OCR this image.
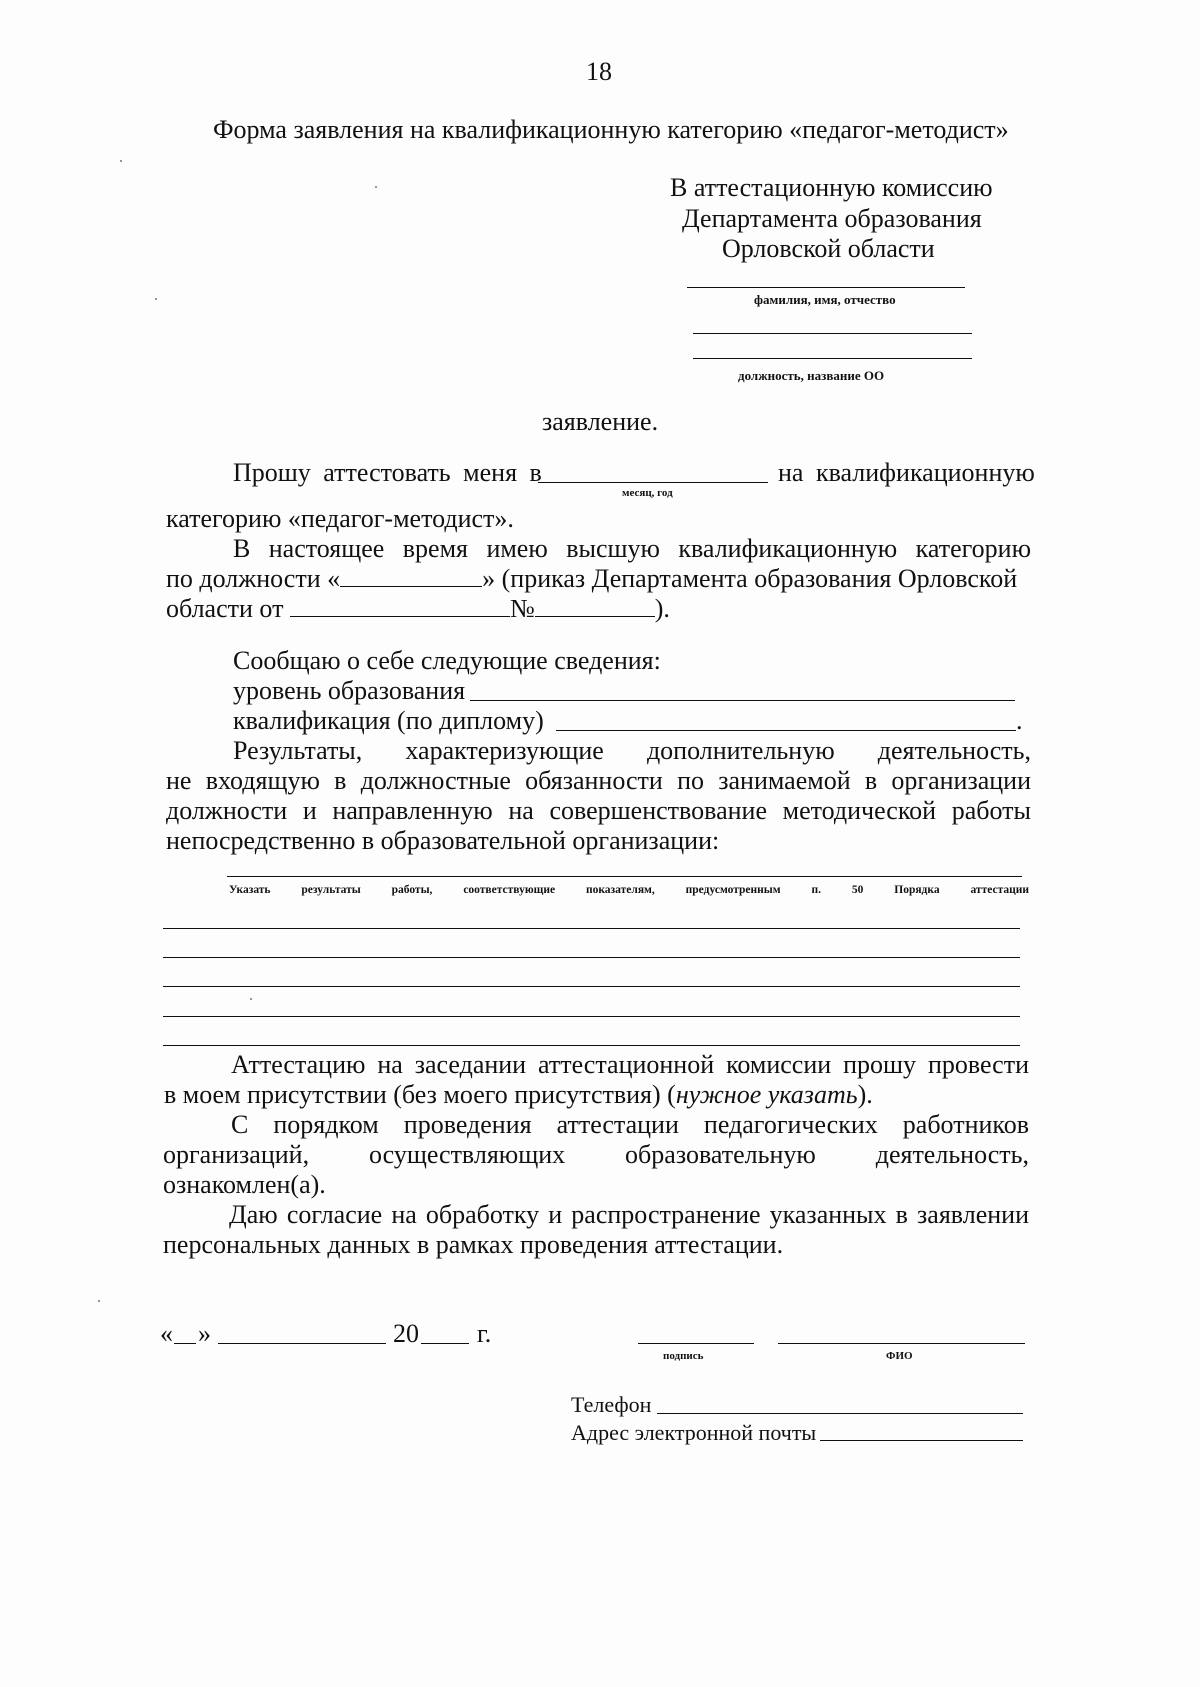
18
Форма заявления на квалификационную категорию «педагог-методист»
В аттестационную комиссию
Департамента образования
Орловской области
фамилия, имя, отчество
должность, название ОО
заявление.
Прошу аттестовать меня в
месяц, год
на квалификационную
категорию «педагог-методист».
В настоящее время имею высшую квалификационную категорию
по должности «	» (приказ Департамента образования Орловской
области от	№	).
Сообщаю о себе следующие сведения:
уровень образования
квалификация (по диплому)	.
Результаты, характеризующие дополнительную деятельность,
не входящую в должностные обязанности по занимаемой в организации
должности и направленную на совершенствование методической работы
непосредственно в образовательной организации:
Указать результаты работы, соответствующие показателям, предусмотренным п. 50 Порядка аттестации
Аттестацию на заседании аттестационной комиссии прошу провести
в моем присутствии (без моего присутствия) (нужное указать).
С порядком проведения аттестации педагогических работников
организаций, осуществляющих образовательную деятельность,
ознакомлен(а).
Даю согласие на обработку и распространение указанных в заявлении
персональных данных в рамках проведения аттестации.
« »	20 г.
подпись	ФИО
Телефон
Адрес электронной почты
